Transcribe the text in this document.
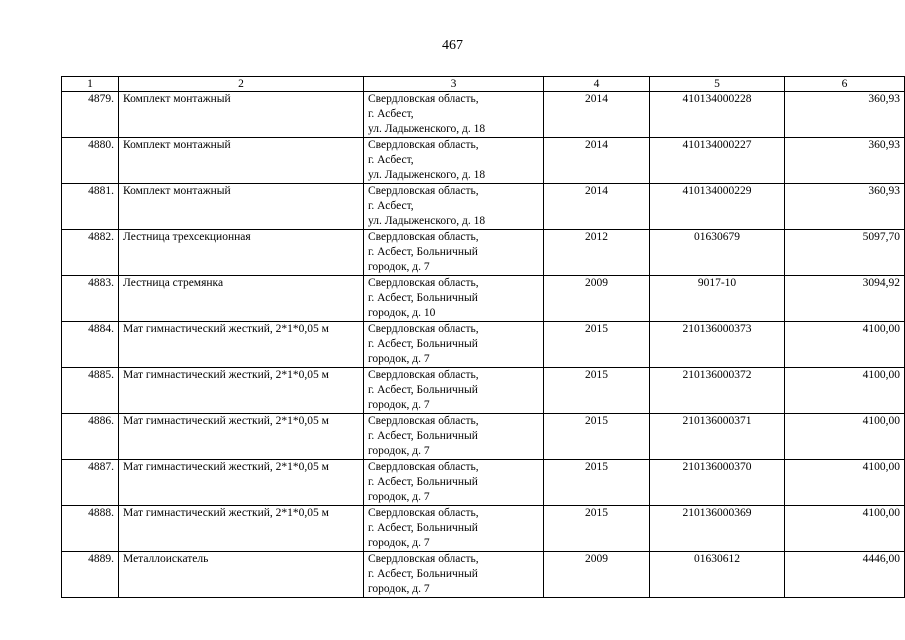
467
1	2	3	4	5	6
4879.	Комплект монтажный	Свердловская область,
г. Асбест,
ул. Ладыженского, д. 18	2014	410134000228	360,93
4880.	Комплект монтажный	Свердловская область,
г. Асбест,
ул. Ладыженского, д. 18	2014	410134000227	360,93
4881.	Комплект монтажный	Свердловская область,
г. Асбест,
ул. Ладыженского, д. 18	2014	410134000229	360,93
4882.	Лестница трехсекционная	Свердловская область,
г. Асбест, Больничный
городок, д. 7	2012	01630679	5097,70
4883.	Лестница стремянка	Свердловская область,
г. Асбест, Больничный
городок, д. 10	2009	9017-10	3094,92
4884.	Мат гимнастический жесткий, 2*1*0,05 м	Свердловская область,
г. Асбест, Больничный
городок, д. 7	2015	210136000373	4100,00
4885.	Мат гимнастический жесткий, 2*1*0,05 м	Свердловская область,
г. Асбест, Больничный
городок, д. 7	2015	210136000372	4100,00
4886.	Мат гимнастический жесткий, 2*1*0,05 м	Свердловская область,
г. Асбест, Больничный
городок, д. 7	2015	210136000371	4100,00
4887.	Мат гимнастический жесткий, 2*1*0,05 м	Свердловская область,
г. Асбест, Больничный
городок, д. 7	2015	210136000370	4100,00
4888.	Мат гимнастический жесткий, 2*1*0,05 м	Свердловская область,
г. Асбест, Больничный
городок, д. 7	2015	210136000369	4100,00
4889.	Металлоискатель	Свердловская область,
г. Асбест, Больничный
городок, д. 7	2009	01630612	4446,00
